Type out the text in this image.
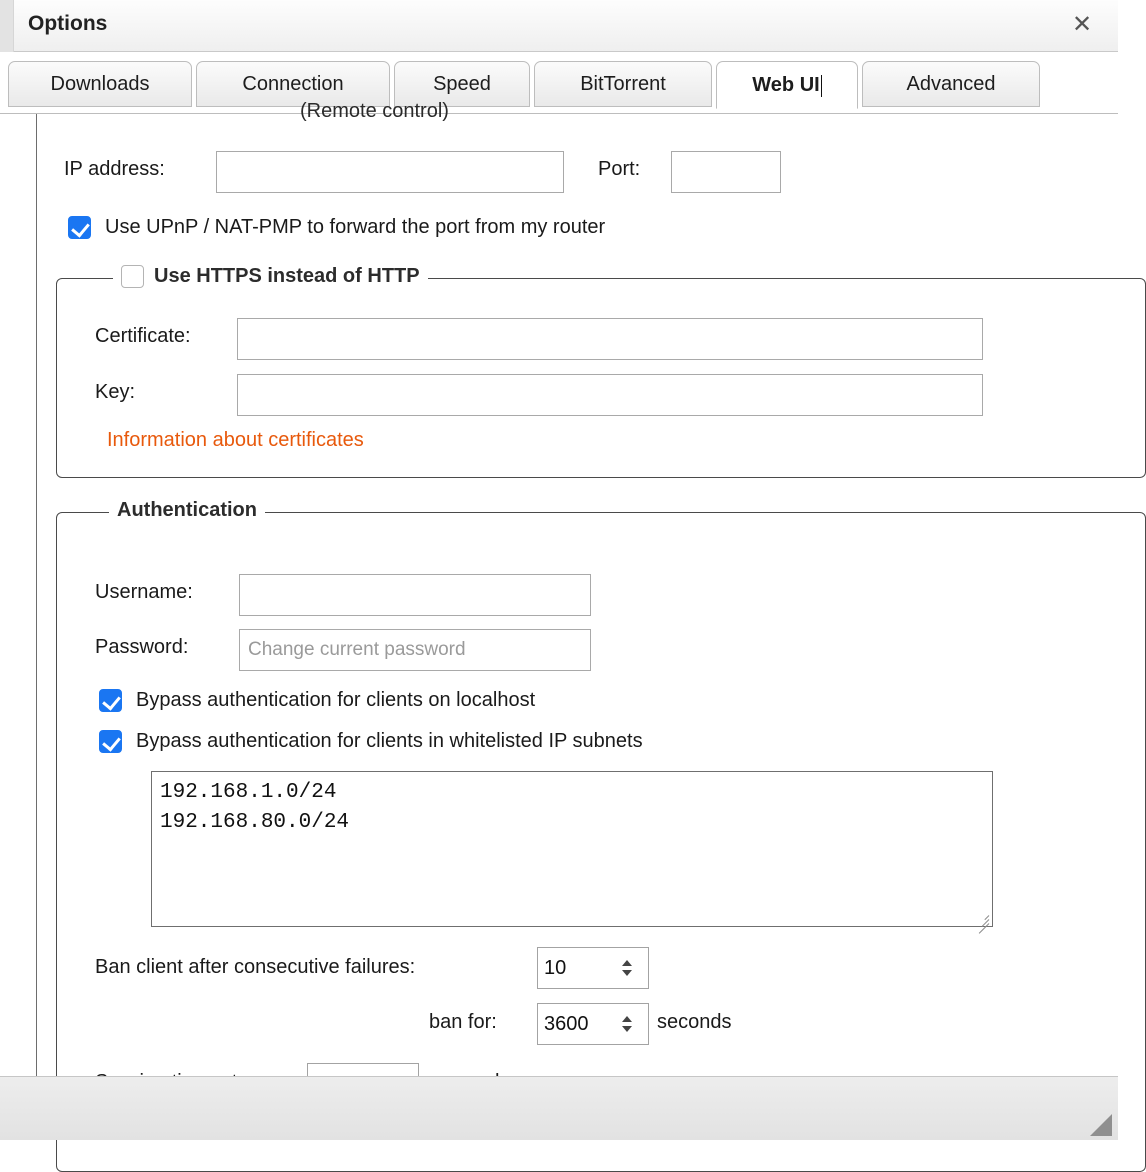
Options	✕
Downloads	Connection	Speed	BitTorrent	Web UI	Advanced
(Remote control)
IP address:	Port:
Use UPnP / NAT-PMP to forward the port from my router
Use HTTPS instead of HTTP
Certificate:
Key:
Information about certificates
Authentication
Username:
Password:
Change current password
Bypass authentication for clients on localhost
Bypass authentication for clients in whitelisted IP subnets
192.168.1.0/24 192.168.80.0/24
Ban client after consecutive failures:
10
ban for:
3600	seconds
25920
